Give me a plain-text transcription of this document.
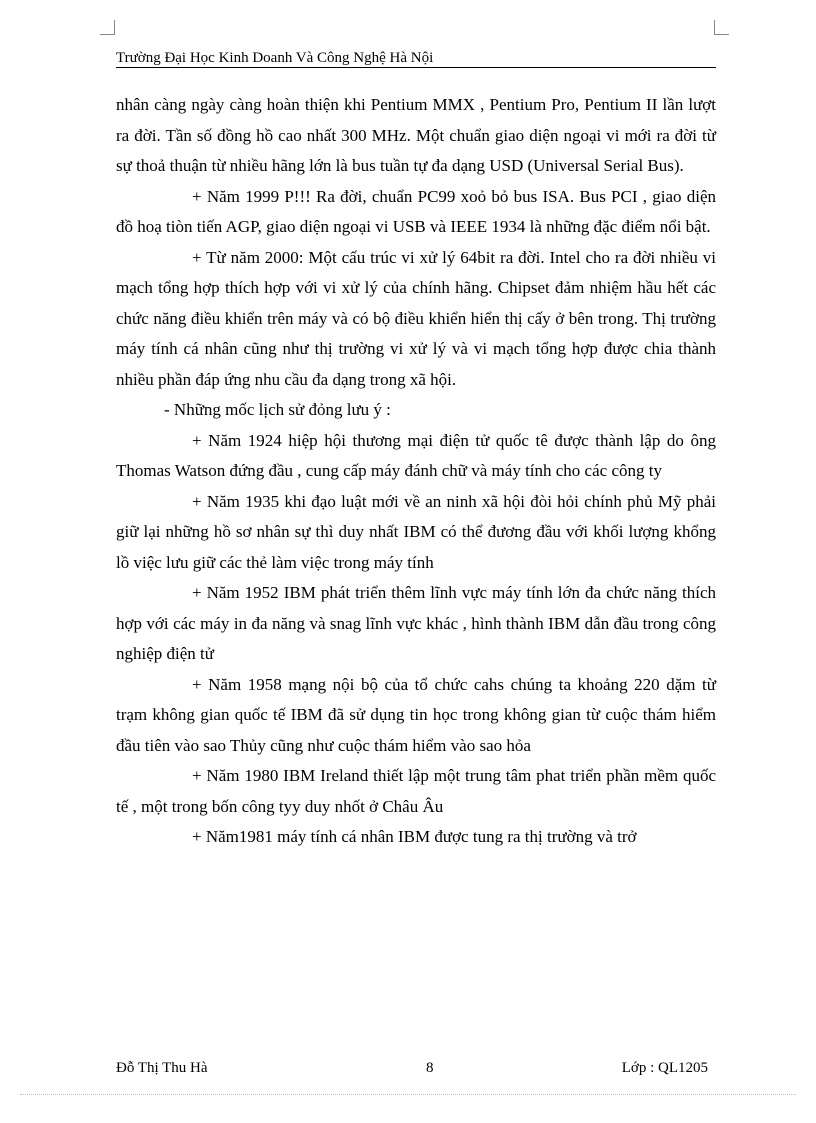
Trường Đại Học Kinh Doanh Và Công Nghệ Hà Nội

nhân càng ngày càng hoàn thiện khi Pentium MMX , Pentium Pro, Pentium II lần lượt ra đời. Tần số đồng hồ cao nhất 300 MHz. Một chuẩn giao diện ngoại vi mới ra đời từ sự thoả thuận từ nhiều hãng lớn là bus tuần tự đa dạng USD (Universal Serial Bus).

+ Năm 1999 P!!! Ra đời, chuẩn PC99 xoỏ bỏ bus ISA. Bus PCI , giao diện đồ hoạ tiòn tiến AGP, giao diện ngoại vi USB và IEEE 1934 là những đặc điểm nổi bật.

+ Từ năm 2000: Một cấu trúc vi xử lý 64bit ra đời. Intel cho ra đời nhiều vi mạch tổng hợp thích hợp với vi xử lý của chính hãng. Chipset đảm nhiệm hầu hết các chức năng điều khiển trên máy và có bộ điều khiển hiển thị cấy ở bên trong. Thị trường máy tính cá nhân cũng như thị trường vi xử lý và vi mạch tổng hợp được chia thành nhiều phần đáp ứng nhu cầu đa dạng trong xã hội.

- Những mốc lịch sử đỏng lưu ý :

+ Năm 1924 hiệp hội thương mại điện tử quốc tê được thành lập do ông Thomas Watson đứng đầu , cung cấp máy đánh chữ và máy tính cho các công ty

+ Năm 1935 khi đạo luật mới về an ninh xã hội đòi hỏi chính phủ Mỹ phải giữ lại những hồ sơ nhân sự thì duy nhất IBM có thể đương đầu với khối lượng khổng lồ việc lưu giữ các thẻ làm việc trong máy tính

+ Năm 1952 IBM phát triển thêm lĩnh vực máy tính lớn đa chức năng thích hợp với các máy in đa năng và snag lĩnh vực khác , hình thành IBM dẫn đầu trong công nghiệp điện tử

+ Năm 1958 mạng nội bộ của tổ chức cahs chúng ta khoảng 220 dặm từ trạm không gian quốc tế IBM đã sử dụng tin học trong không gian từ cuộc thám hiểm đầu tiên vào sao Thủy cũng như cuộc thám hiểm vào sao hỏa

+ Năm 1980 IBM Ireland thiết lập một trung tâm phat triển phần mềm quốc tế , một trong bốn công tyy duy nhốt ở Châu Âu

+ Năm1981 máy tính cá nhân IBM được tung ra thị trường và trở

Đỗ Thị Thu Hà	8	Lớp : QL1205
